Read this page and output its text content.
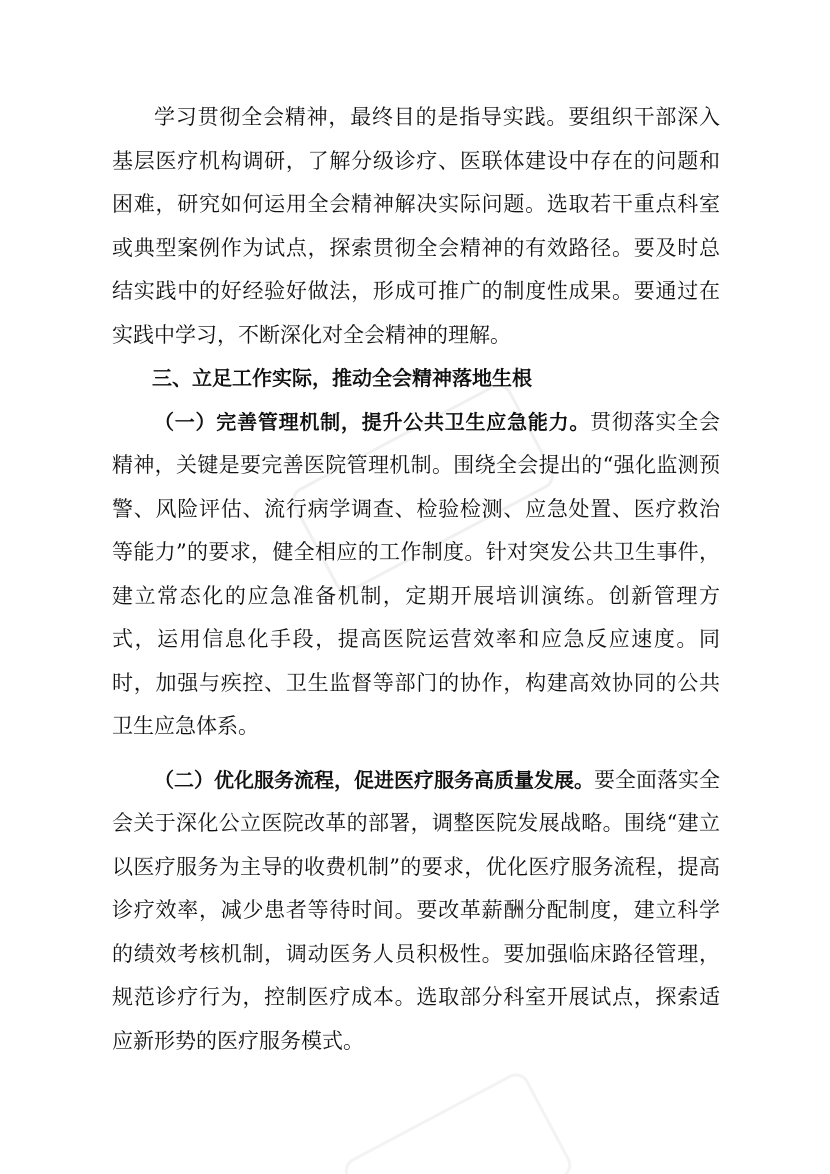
学习贯彻全会精神，最终目的是指导实践。要组织干部深入基层医疗机构调研，了解分级诊疗、医联体建设中存在的问题和困难，研究如何运用全会精神解决实际问题。选取若干重点科室或典型案例作为试点，探索贯彻全会精神的有效路径。要及时总结实践中的好经验好做法，形成可推广的制度性成果。要通过在实践中学习，不断深化对全会精神的理解。

三、立足工作实际，推动全会精神落地生根

（一）完善管理机制，提升公共卫生应急能力。贯彻落实全会精神，关键是要完善医院管理机制。围绕全会提出的“强化监测预警、风险评估、流行病学调查、检验检测、应急处置、医疗救治等能力”的要求，健全相应的工作制度。针对突发公共卫生事件，建立常态化的应急准备机制，定期开展培训演练。创新管理方式，运用信息化手段，提高医院运营效率和应急反应速度。同时，加强与疾控、卫生监督等部门的协作，构建高效协同的公共卫生应急体系。

（二）优化服务流程，促进医疗服务高质量发展。要全面落实全会关于深化公立医院改革的部署，调整医院发展战略。围绕“建立以医疗服务为主导的收费机制”的要求，优化医疗服务流程，提高诊疗效率，减少患者等待时间。要改革薪酬分配制度，建立科学的绩效考核机制，调动医务人员积极性。要加强临床路径管理，规范诊疗行为，控制医疗成本。选取部分科室开展试点，探索适应新形势的医疗服务模式。
